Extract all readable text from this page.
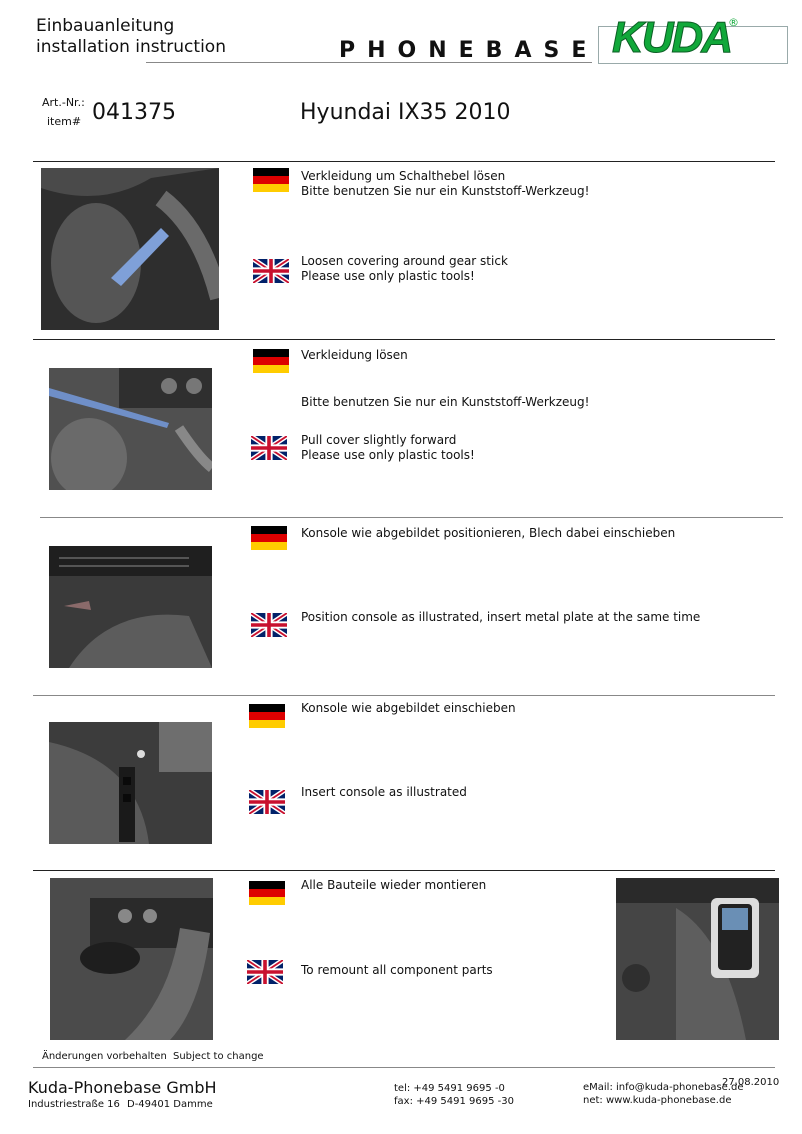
Einbauanleitung
installation instruction	PHONEBASE KUDA
®
Art.-Nr.:
item# 041375	Hyundai IX35 2010
Verkleidung um Schalthebel lösen
Bitte benutzen Sie nur ein Kunststoff-Werkzeug!
Loosen covering around gear stick
Please use only plastic tools!
Verkleidung lösen
Bitte benutzen Sie nur ein Kunststoff-Werkzeug!
Pull cover slightly forward
Please use only plastic tools!
Konsole wie abgebildet positionieren, Blech dabei einschieben
Position console as illustrated, insert metal plate at the same time
Konsole wie abgebildet einschieben
Insert console as illustrated
Alle Bauteile wieder montieren
To remount all component parts
Änderungen vorbehalten Subject to change
Kuda-Phonebase GmbH
Industriestraße 16 D-49401 Damme
tel: +49 5491 9695 -0
fax: +49 5491 9695 -30
eMail: info@kuda-phonebase.de
net: www.kuda-phonebase.de
27.08.2010
